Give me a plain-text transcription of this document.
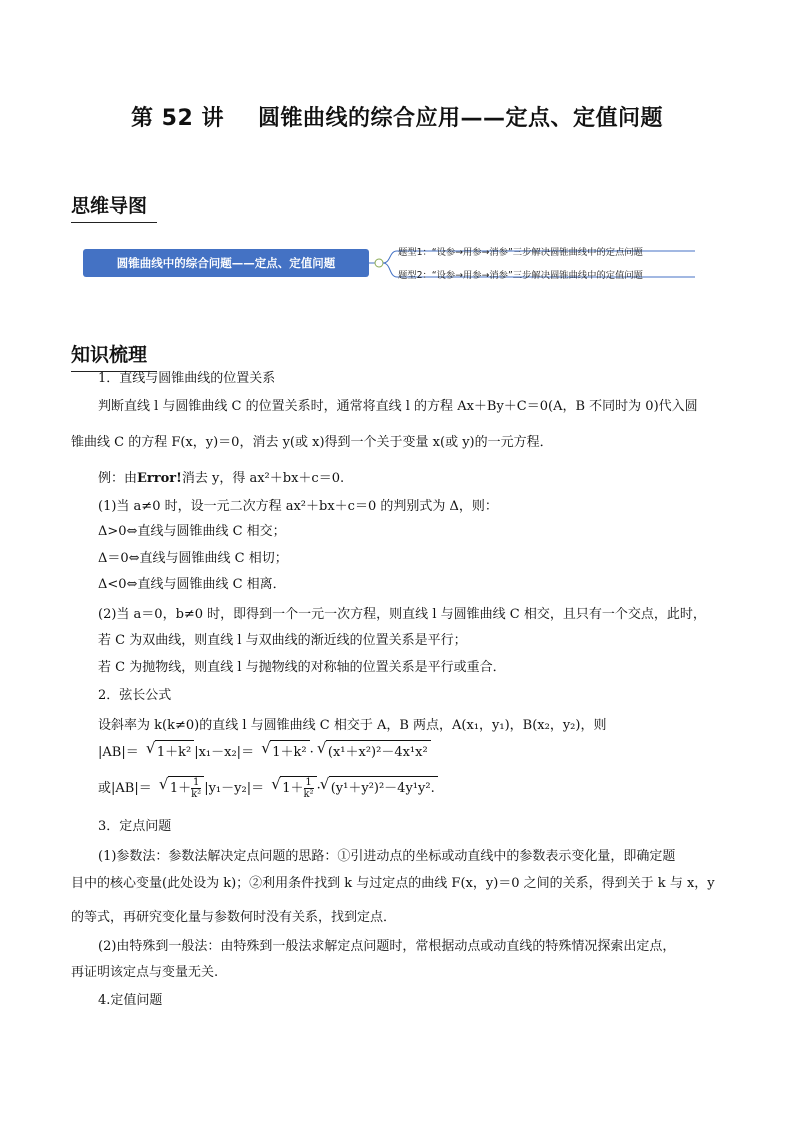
第 52 讲 圆锥曲线的综合应用——定点、定值问题
思维导图
圆锥曲线中的综合问题——定点、定值问题
题型1：“设参→用参→消参”三步解决圆锥曲线中的定点问题
题型2：“设参→用参→消参”三步解决圆锥曲线中的定值问题
知识梳理
1．直线与圆锥曲线的位置关系
判断直线 l 与圆锥曲线 C 的位置关系时，通常将直线 l 的方程 Ax＋By＋C＝0(A，B 不同时为 0)代入圆
锥曲线 C 的方程 F(x，y)＝0，消去 y(或 x)得到一个关于变量 x(或 y)的一元方程．
例：由Error!消去 y，得 ax²＋bx＋c＝0.
(1)当 a≠0 时，设一元二次方程 ax²＋bx＋c＝0 的判别式为 Δ，则：
Δ>0⇔直线与圆锥曲线 C 相交；
Δ＝0⇔直线与圆锥曲线 C 相切；
Δ<0⇔直线与圆锥曲线 C 相离．
(2)当 a＝0，b≠0 时，即得到一个一元一次方程，则直线 l 与圆锥曲线 C 相交，且只有一个交点，此时，
若 C 为双曲线，则直线 l 与双曲线的渐近线的位置关系是平行；
若 C 为抛物线，则直线 l 与抛物线的对称轴的位置关系是平行或重合．
2．弦长公式
设斜率为 k(k≠0)的直线 l 与圆锥曲线 C 相交于 A，B 两点，A(x₁，y₁)，B(x₂，y₂)，则
|AB|＝ √ 1＋k² |x₁－x₂|＝ √ 1＋k² · √ (x¹＋x²)²－4x¹x²
或|AB|＝ √ $1+ \frac{1}{\text{k²}} |y_1-y_2|=$ √ $1+ \frac{1}{\text{k²}}$ · √ (y¹＋y²)²－4y¹y².
3．定点问题
(1)参数法：参数法解决定点问题的思路：①引进动点的坐标或动直线中的参数表示变化量，即确定题
目中的核心变量(此处设为 k)；②利用条件找到 k 与过定点的曲线 F(x，y)＝0 之间的关系，得到关于 k 与 x，y
的等式，再研究变化量与参数何时没有关系，找到定点．
(2)由特殊到一般法：由特殊到一般法求解定点问题时，常根据动点或动直线的特殊情况探索出定点，
再证明该定点与变量无关.
4.定值问题
